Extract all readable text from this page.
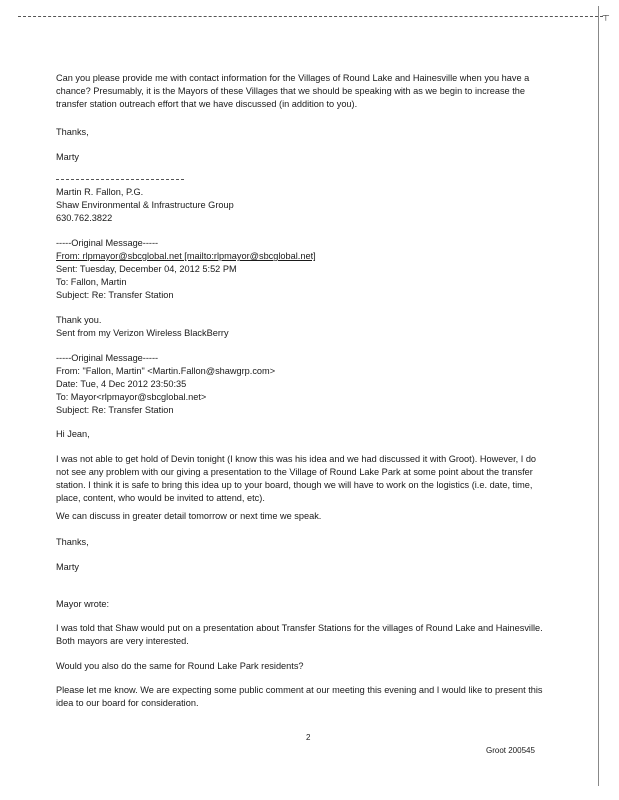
┬
Can you please provide me with contact information for the Villages of Round Lake and Hainesville when you have a
chance? Presumably, it is the Mayors of these Villages that we should be speaking with as we begin to increase the
transfer station outreach effort that we have discussed (in addition to you).
Thanks,
Marty
Martin R. Fallon, P.G.
Shaw Environmental & Infrastructure Group
630.762.3822
-----Original Message-----
From: rlpmayor@sbcglobal.net [mailto:rlpmayor@sbcglobal.net]
Sent: Tuesday, December 04, 2012 5:52 PM
To: Fallon, Martin
Subject: Re: Transfer Station
Thank you.
Sent from my Verizon Wireless BlackBerry
-----Original Message-----
From: "Fallon, Martin" <Martin.Fallon@shawgrp.com>
Date: Tue, 4 Dec 2012 23:50:35
To: Mayor<rlpmayor@sbcglobal.net>
Subject: Re: Transfer Station
Hi Jean,
I was not able to get hold of Devin tonight (I know this was his idea and we had discussed it with Groot). However, I do
not see any problem with our giving a presentation to the Village of Round Lake Park at some point about the transfer
station. I think it is safe to bring this idea up to your board, though we will have to work on the logistics (i.e. date, time,
place, content, who would be invited to attend, etc).
We can discuss in greater detail tomorrow or next time we speak.
Thanks,
Marty
Mayor wrote:
I was told that Shaw would put on a presentation about Transfer Stations for the villages of Round Lake and Hainesville.
Both mayors are very interested.
Would you also do the same for Round Lake Park residents?
Please let me know. We are expecting some public comment at our meeting this evening and I would like to present this
idea to our board for consideration.
2
Groot 200545
